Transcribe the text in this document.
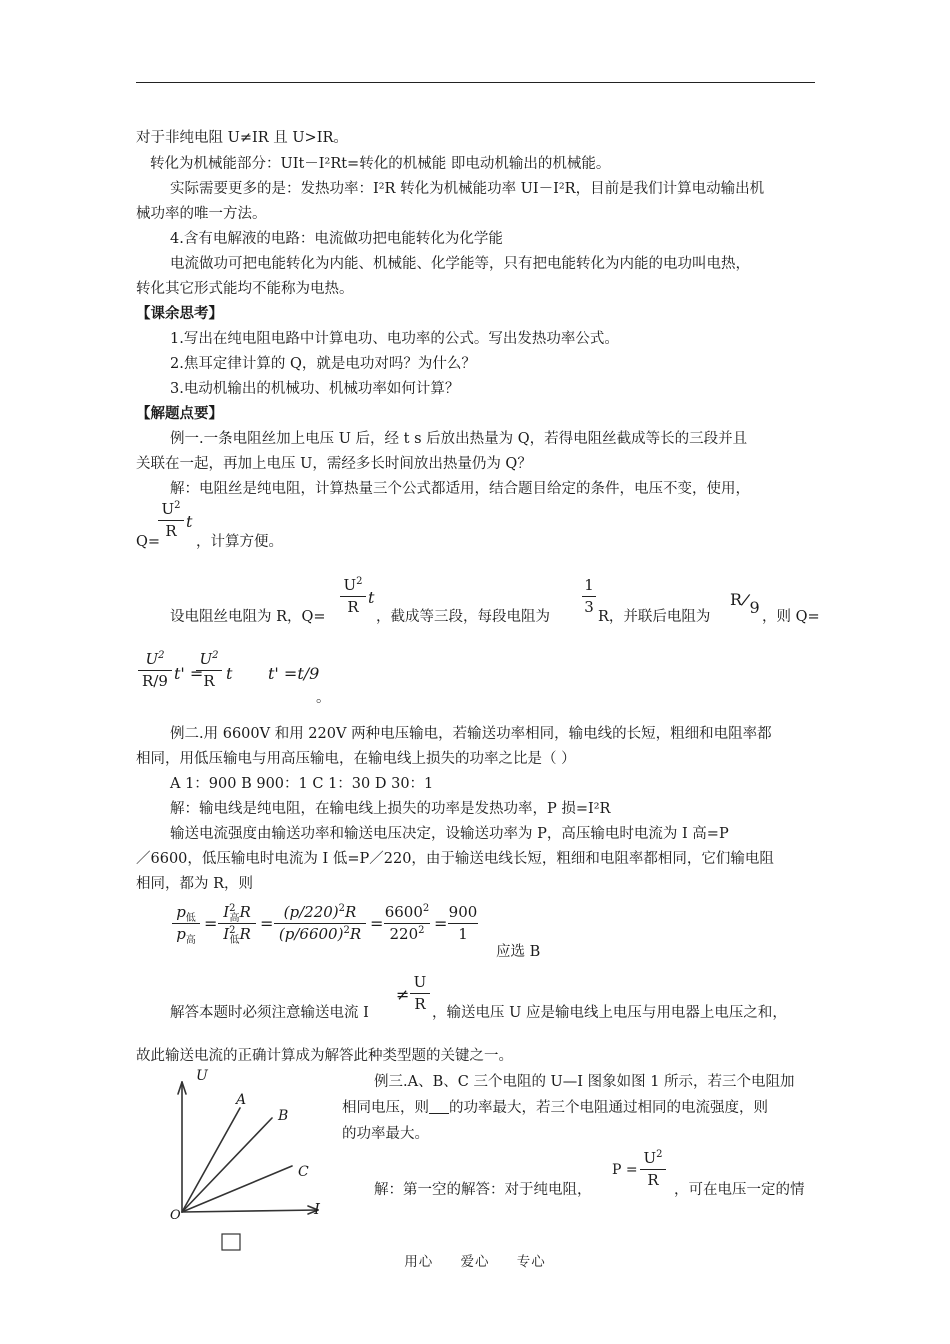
对于非纯电阻 U≠IR 且 U>IR。
转化为机械能部分：UIt－I²Rt=转化的机械能 即电动机输出的机械能。
实际需要更多的是：发热功率：I²R 转化为机械能功率 UI－I²R，目前是我们计算电动输出机
械功率的唯一方法。
4.含有电解液的电路：电流做功把电能转化为化学能
电流做功可把电能转化为内能、机械能、化学能等，只有把电能转化为内能的电功叫电热，
转化其它形式能均不能称为电热。
【课余思考】
1.写出在纯电阻电路中计算电功、电功率的公式。写出发热功率公式。
2.焦耳定律计算的 Q，就是电功对吗？为什么？
3.电动机输出的机械功、机械功率如何计算？
【解题点要】
例一.一条电阻丝加上电压 U 后，经 t s 后放出热量为 Q，若得电阻丝截成等长的三段并且
关联在一起，再加上电压 U，需经多长时间放出热量仍为 Q？
解：电阻丝是纯电阻，计算热量三个公式都适用，结合题目给定的条件，电压不变，使用，
Q=
$U^2$
R t
，计算方便。
设电阻丝电阻为 R，Q=
$U^2$
R t
，截成等三段，每段电阻为
1
3
R，并联后电阻为
R/9 ，则 Q=
$U^2$
R/9 t' =
$U^2$
R t t' =t/9
。
例二.用 6600V 和用 220V 两种电压输电，若输送功率相同，输电线的长短，粗细和电阻率都
相同，用低压输电与用高压输电，在输电线上损失的功率之比是（ ）
A 1：900 B 900：1 C 1：30 D 30：1
解：输电线是纯电阻，在输电线上损失的功率是发热功率，P 损=I²R
输送电流强度由输送功率和输送电压决定，设输送功率为 P，高压输电时电流为 I 高=P
／6600，低压输电时电流为 I 低=P／220，由于输送电线长短，粗细和电阻率都相同，它们输电阻
相同，都为 R，则
$p_低$
$p_高$
=
$I^2_高R$
$I^2_低R$
=
$(p/220)^2R$
$(p/6600)^2R$
=
$6600^2$
$220^2$ =
900
1
应选 B
解答本题时必须注意输送电流 I
≠
U
R ，输送电压 U 应是输电线上电压与用电器上电压之和，
故此输送电流的正确计算成为解答此种类型题的关键之一。
U
I
O
A
B
C
例三.A、B、C 三个电阻的 U—I 图象如图 1 所示，若三个电阻加
相同电压，则 的功率最大，若三个电阻通过相同的电流强度，则
的功率最大。
解：第一空的解答：对于纯电阻，
P =
$U^2$
R
，可在电压一定的情
用心 爱心 专心
